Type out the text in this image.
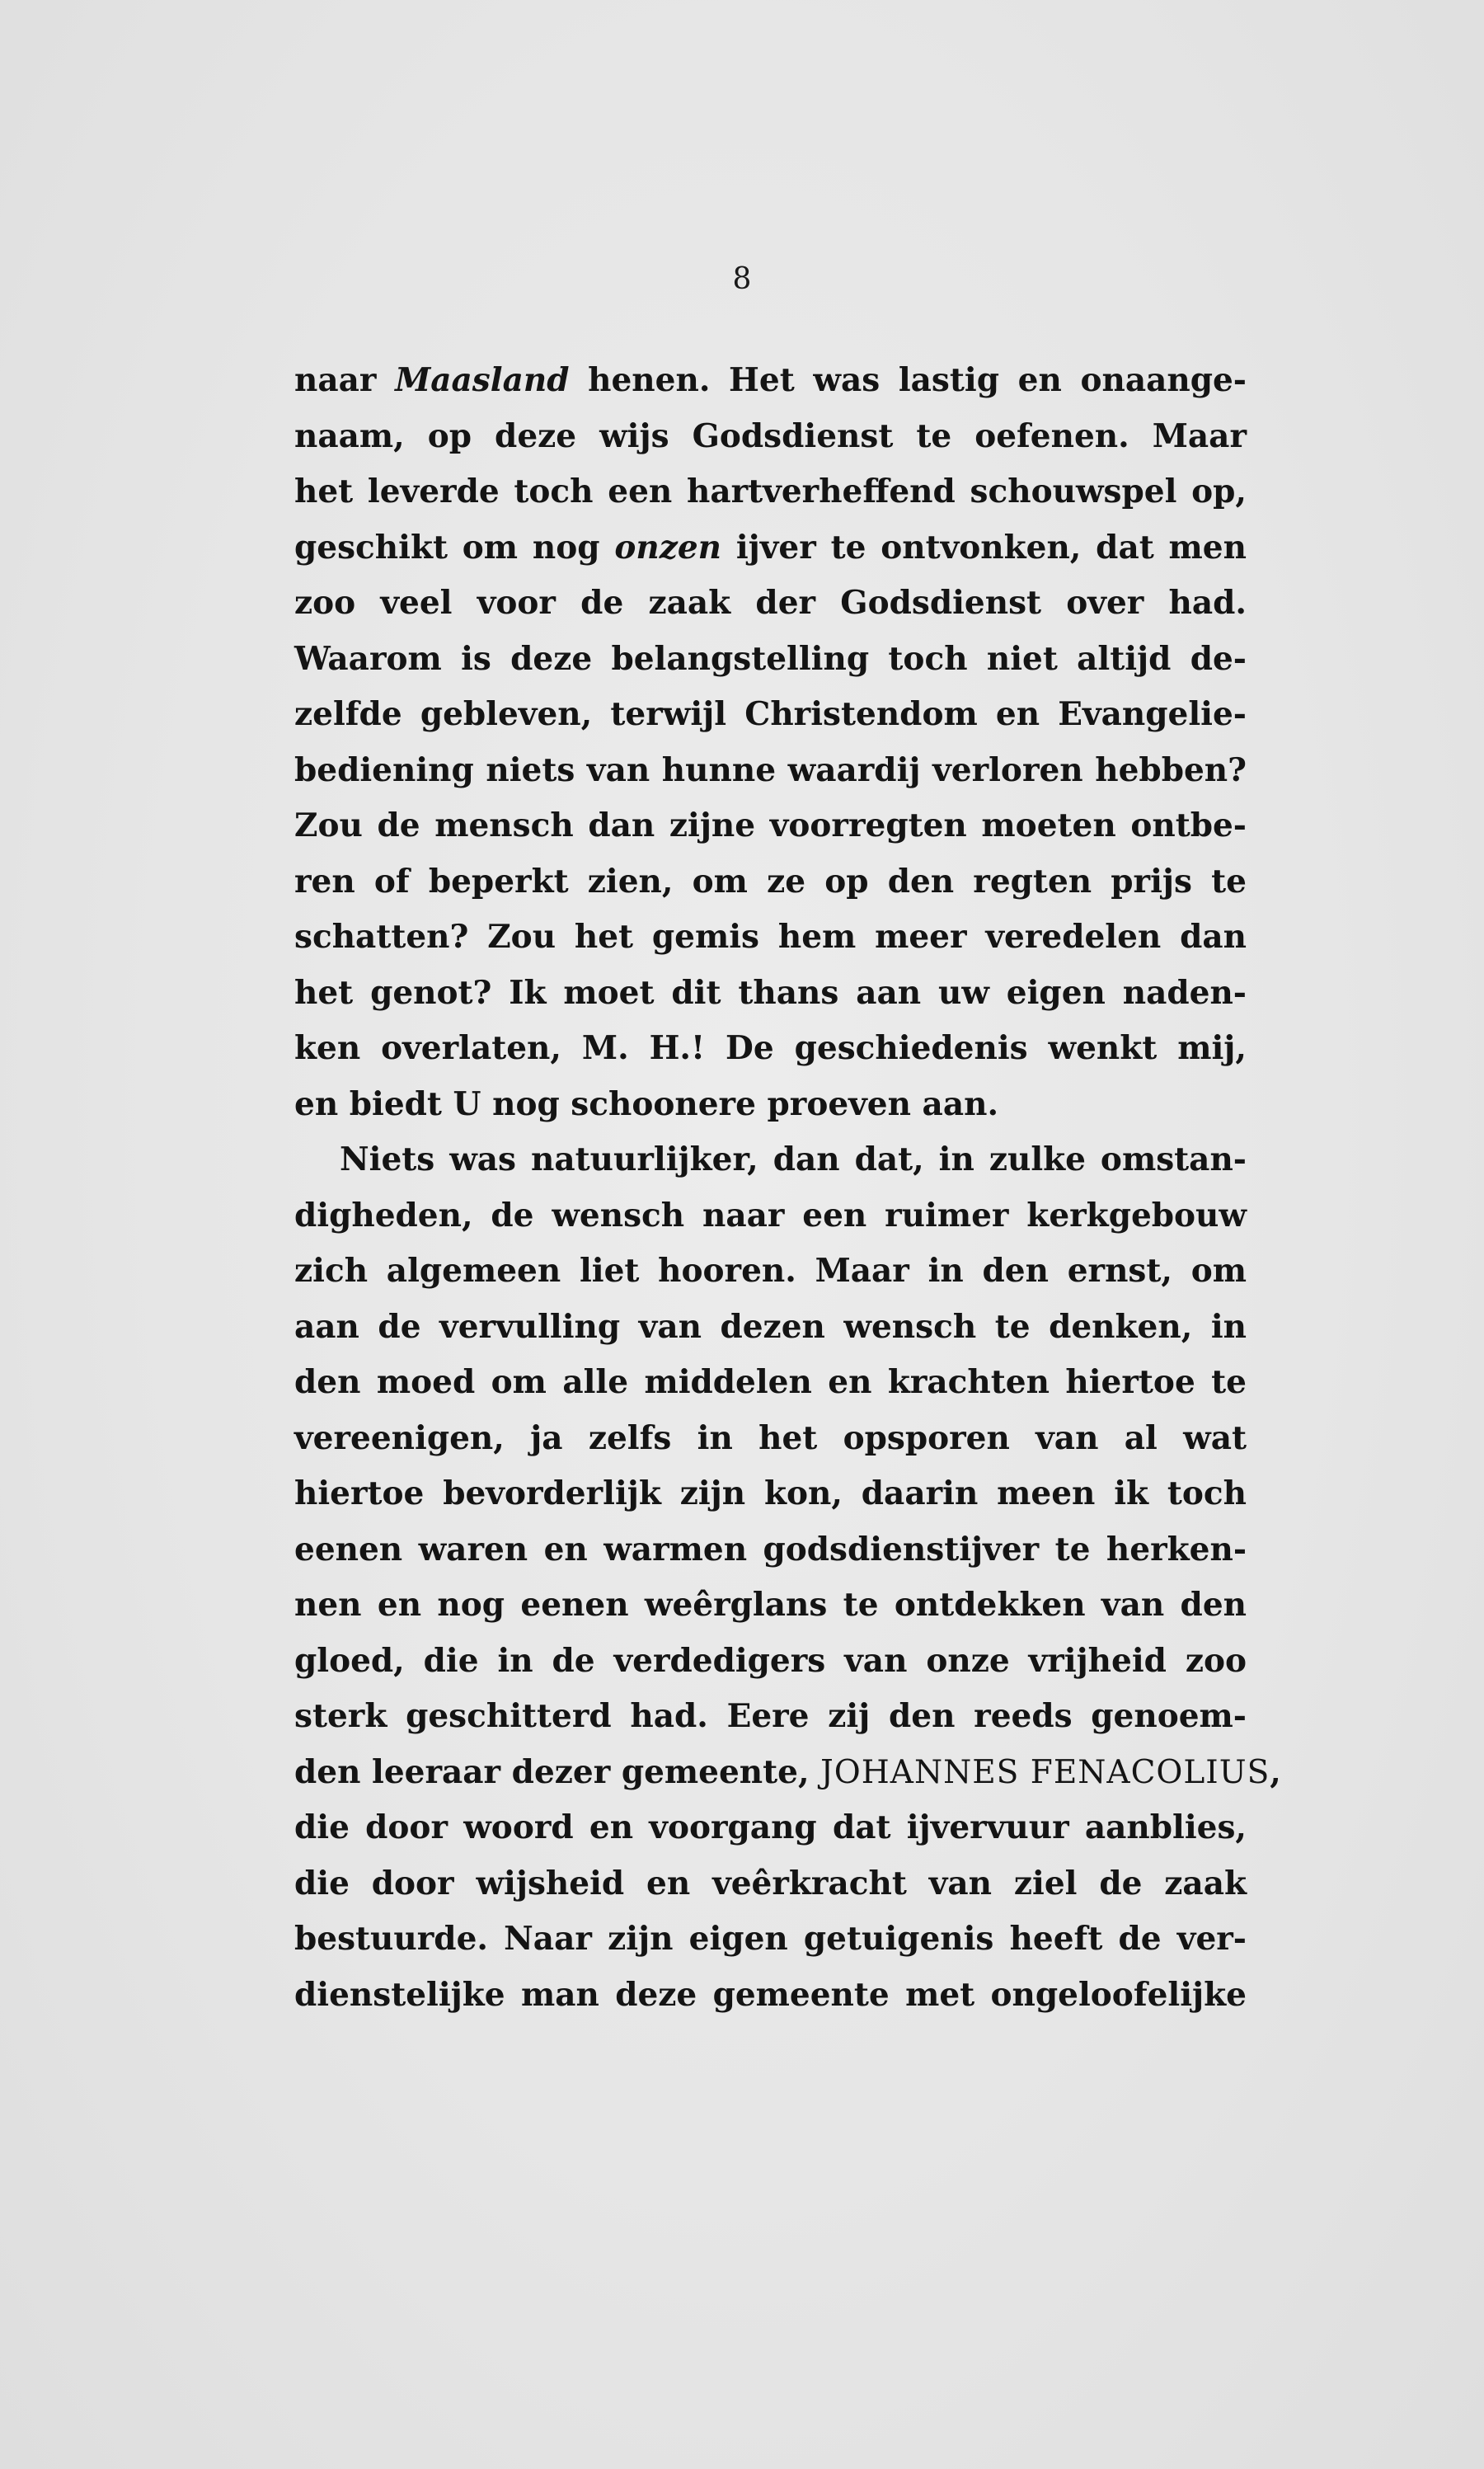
8
naar Maasland henen. Het was lastig en onaange-
naam, op deze wijs Godsdienst te oefenen. Maar
het leverde toch een hartverheffend schouwspel op,
geschikt om nog onzen ijver te ontvonken, dat men
zoo veel voor de zaak der Godsdienst over had.
Waarom is deze belangstelling toch niet altijd de-
zelfde gebleven, terwijl Christendom en Evangelie-
bediening niets van hunne waardij verloren hebben?
Zou de mensch dan zijne voorregten moeten ontbe-
ren of beperkt zien, om ze op den regten prijs te
schatten? Zou het gemis hem meer veredelen dan
het genot? Ik moet dit thans aan uw eigen naden-
ken overlaten, M. H.! De geschiedenis wenkt mij,
en biedt U nog schoonere proeven aan.
Niets was natuurlijker, dan dat, in zulke omstan-
digheden, de wensch naar een ruimer kerkgebouw
zich algemeen liet hooren. Maar in den ernst, om
aan de vervulling van dezen wensch te denken, in
den moed om alle middelen en krachten hiertoe te
vereenigen, ja zelfs in het opsporen van al wat
hiertoe bevorderlijk zijn kon, daarin meen ik toch
eenen waren en warmen godsdienstijver te herken-
nen en nog eenen weêrglans te ontdekken van den
gloed, die in de verdedigers van onze vrijheid zoo
sterk geschitterd had. Eere zij den reeds genoem-
den leeraar dezer gemeente, JOHANNES FENACOLIUS,
die door woord en voorgang dat ijvervuur aanblies,
die door wijsheid en veêrkracht van ziel de zaak
bestuurde. Naar zijn eigen getuigenis heeft de ver-
dienstelijke man deze gemeente met ongeloofelijke
